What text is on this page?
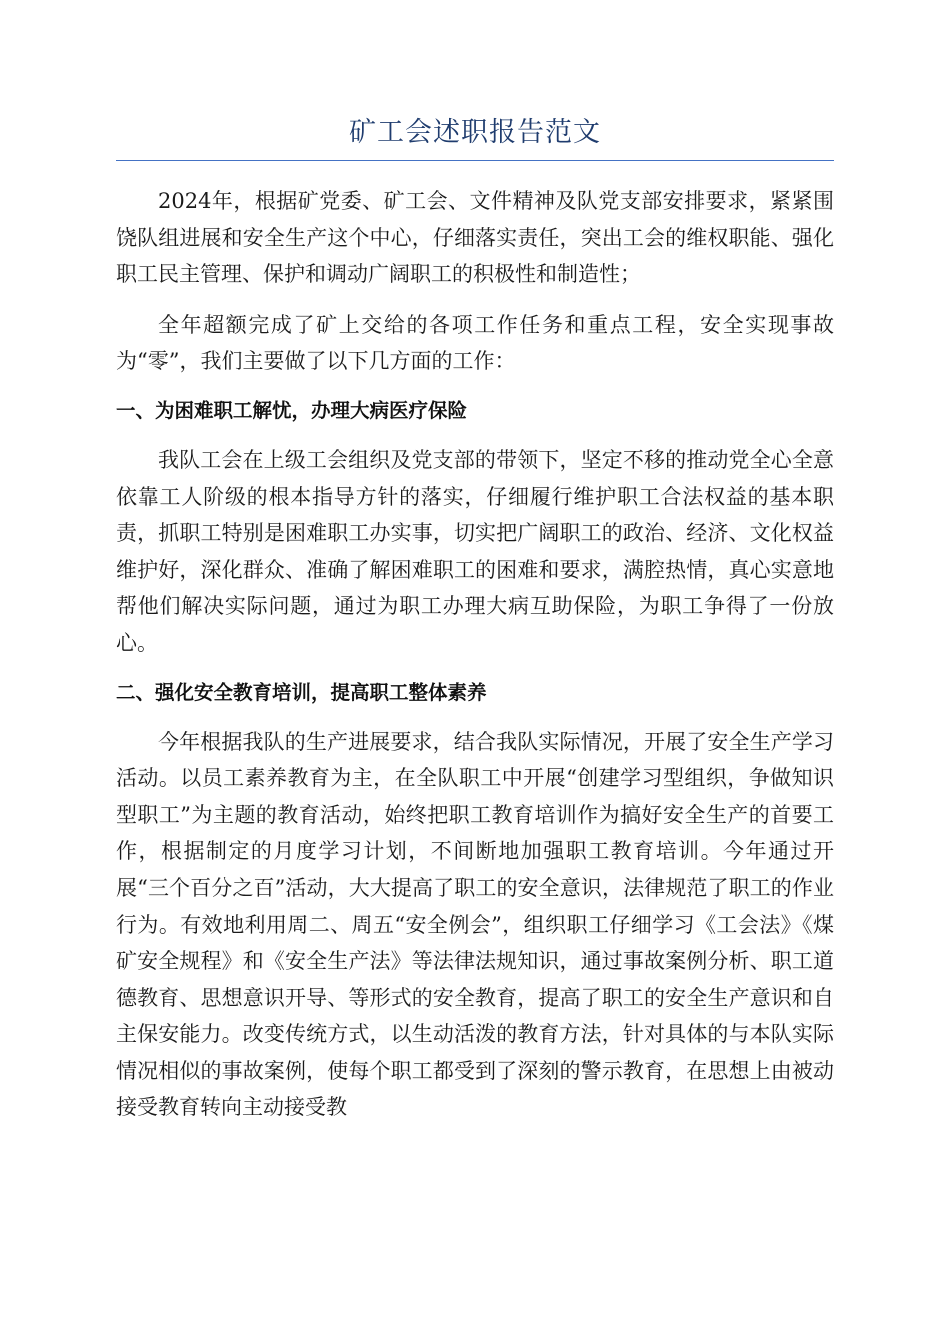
矿工会述职报告范文

2024年，根据矿党委、矿工会、文件精神及队党支部安排要求，紧紧围饶队组进展和安全生产这个中心，仔细落实责任，突出工会的维权职能、强化职工民主管理、保护和调动广阔职工的积极性和制造性；

全年超额完成了矿上交给的各项工作任务和重点工程，安全实现事故为“零”，我们主要做了以下几方面的工作：

一、为困难职工解忧，办理大病医疗保险

我队工会在上级工会组织及党支部的带领下，坚定不移的推动党全心全意依靠工人阶级的根本指导方针的落实，仔细履行维护职工合法权益的基本职责，抓职工特别是困难职工办实事，切实把广阔职工的政治、经济、文化权益维护好，深化群众、准确了解困难职工的困难和要求，满腔热情，真心实意地帮他们解决实际问题，通过为职工办理大病互助保险，为职工争得了一份放心。

二、强化安全教育培训，提高职工整体素养

今年根据我队的生产进展要求，结合我队实际情况，开展了安全生产学习活动。以员工素养教育为主，在全队职工中开展“创建学习型组织，争做知识型职工”为主题的教育活动，始终把职工教育培训作为搞好安全生产的首要工作，根据制定的月度学习计划，不间断地加强职工教育培训。今年通过开展“三个百分之百”活动，大大提高了职工的安全意识，法律规范了职工的作业行为。有效地利用周二、周五“安全例会”，组织职工仔细学习《工会法》《煤矿安全规程》和《安全生产法》等法律法规知识，通过事故案例分析、职工道德教育、思想意识开导、等形式的安全教育，提高了职工的安全生产意识和自主保安能力。改变传统方式，以生动活泼的教育方法，针对具体的与本队实际情况相似的事故案例，使每个职工都受到了深刻的警示教育，在思想上由被动接受教育转向主动接受教
